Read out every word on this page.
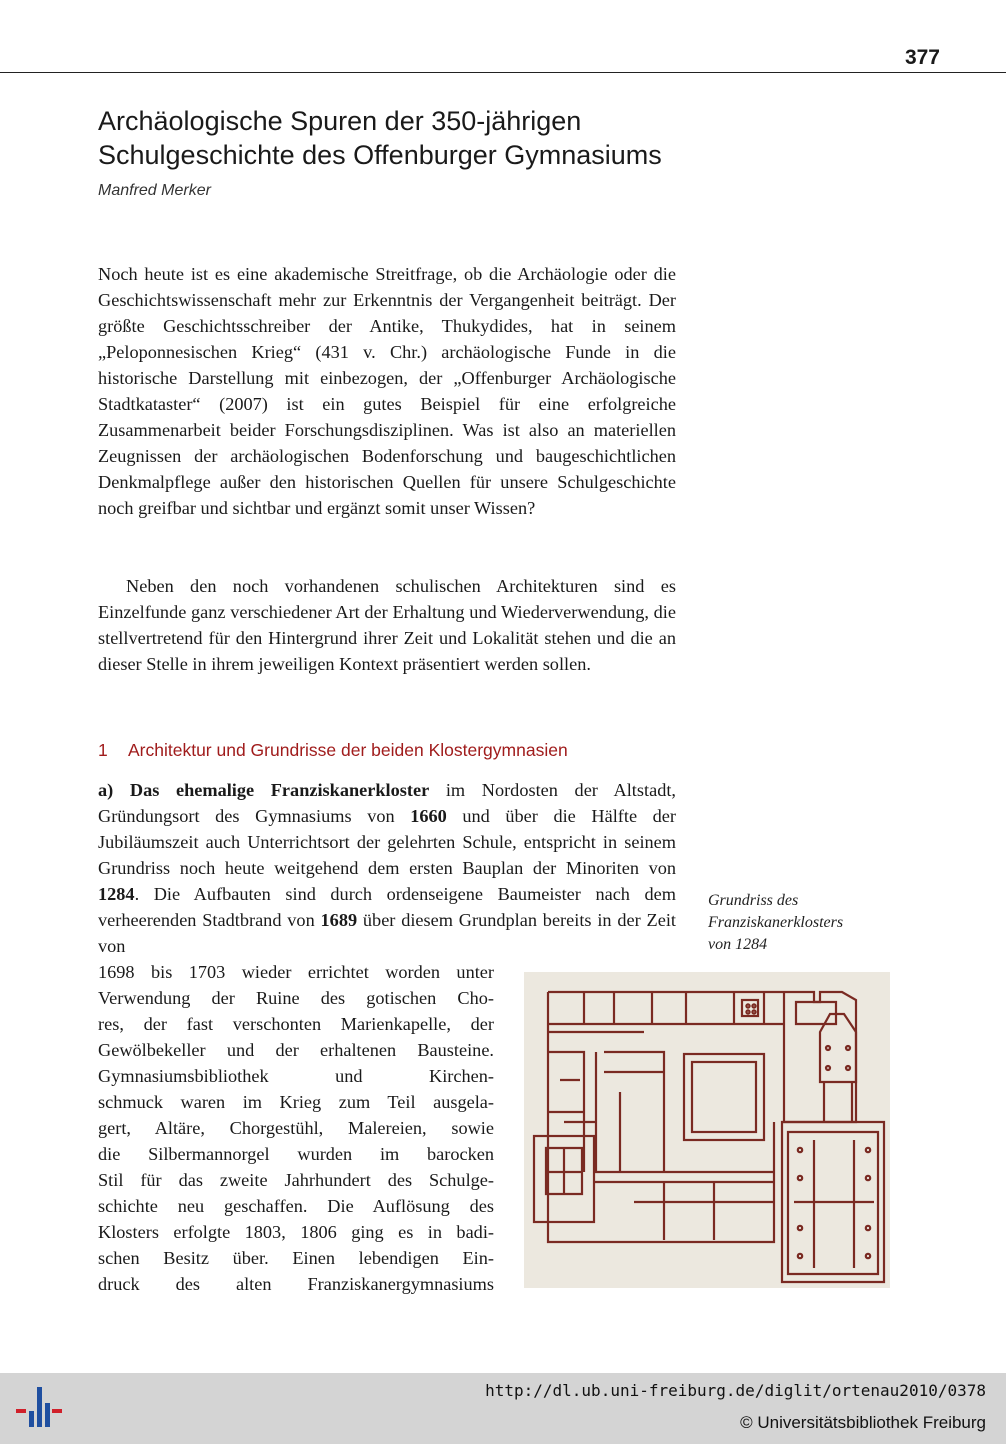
377
Archäologische Spuren der 350-jährigen
Schulgeschichte des Offenburger Gymnasiums
Manfred Merker

Noch heute ist es eine akademische Streitfrage, ob die Archäologie oder die Geschichtswissenschaft mehr zur Erkenntnis der Vergangenheit beiträgt. Der größte Geschichtsschreiber der Antike, Thukydides, hat in seinem „Peloponnesischen Krieg“ (431 v. Chr.) archäologische Funde in die historische Darstellung mit einbezogen, der „Offenburger Archäologische Stadtkataster“ (2007) ist ein gutes Beispiel für eine erfolgreiche Zusammenarbeit beider Forschungsdisziplinen. Was ist also an materiellen Zeugnissen der archäologischen Bodenforschung und baugeschichtlichen Denkmalpflege außer den historischen Quellen für unsere Schulgeschichte noch greifbar und sichtbar und ergänzt somit unser Wissen?

Neben den noch vorhandenen schulischen Architekturen sind es Einzelfunde ganz verschiedener Art der Erhaltung und Wiederverwendung, die stellvertretend für den Hintergrund ihrer Zeit und Lokalität stehen und die an dieser Stelle in ihrem jeweiligen Kontext präsentiert werden sollen.

1 Architektur und Grundrisse der beiden Klostergymnasien

a) Das ehemalige Franziskanerkloster im Nordosten der Altstadt, Gründungsort des Gymnasiums von 1660 und über die Hälfte der Jubiläumszeit auch Unterrichtsort der gelehrten Schule, entspricht in seinem Grundriss noch heute weitgehend dem ersten Bauplan der Minoriten von 1284. Die Aufbauten sind durch ordenseigene Baumeister nach dem verheerenden Stadtbrand von 1689 über diesem Grundplan bereits in der Zeit von

1698 bis 1703 wieder errichtet worden unter
Verwendung der Ruine des gotischen Cho-
res, der fast verschonten Marienkapelle, der
Gewölbekeller und der erhaltenen Bausteine.
Gymnasiumsbibliothek und Kirchen-
schmuck waren im Krieg zum Teil ausgela-
gert, Altäre, Chorgestühl, Malereien, sowie
die Silbermannorgel wurden im barocken
Stil für das zweite Jahrhundert des Schulge-
schichte neu geschaffen. Die Auflösung des
Klosters erfolgte 1803, 1806 ging es in badi-
schen Besitz über. Einen lebendigen Ein-
druck des alten Franziskanergymnasiums
Grundriss des
Franziskanerklosters
von 1284
http://dl.ub.uni-freiburg.de/diglit/ortenau2010/0378
© Universitätsbibliothek Freiburg
